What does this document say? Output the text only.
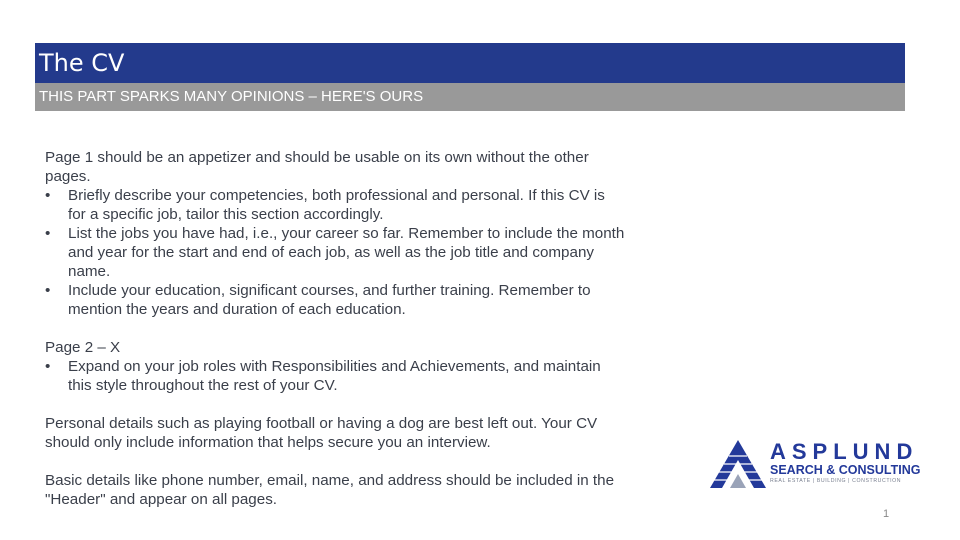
The CV
THIS PART SPARKS MANY OPINIONS – HERE'S OURS

Page 1 should be an appetizer and should be usable on its own without the other pages.

• Briefly describe your competencies, both professional and personal. If this CV is for a specific job, tailor this section accordingly.
• List the jobs you have had, i.e., your career so far. Remember to include the month and year for the start and end of each job, as well as the job title and company name.
• Include your education, significant courses, and further training. Remember to mention the years and duration of each education.

Page 2 – X

• Expand on your job roles with Responsibilities and Achievements, and maintain this style throughout the rest of your CV.

Personal details such as playing football or having a dog are best left out. Your CV should only include information that helps secure you an interview.

Basic details like phone number, email, name, and address should be included in the "Header" and appear on all pages.

ASPLUND
SEARCH & CONSULTING
REAL ESTATE | BUILDING | CONSTRUCTION
1
